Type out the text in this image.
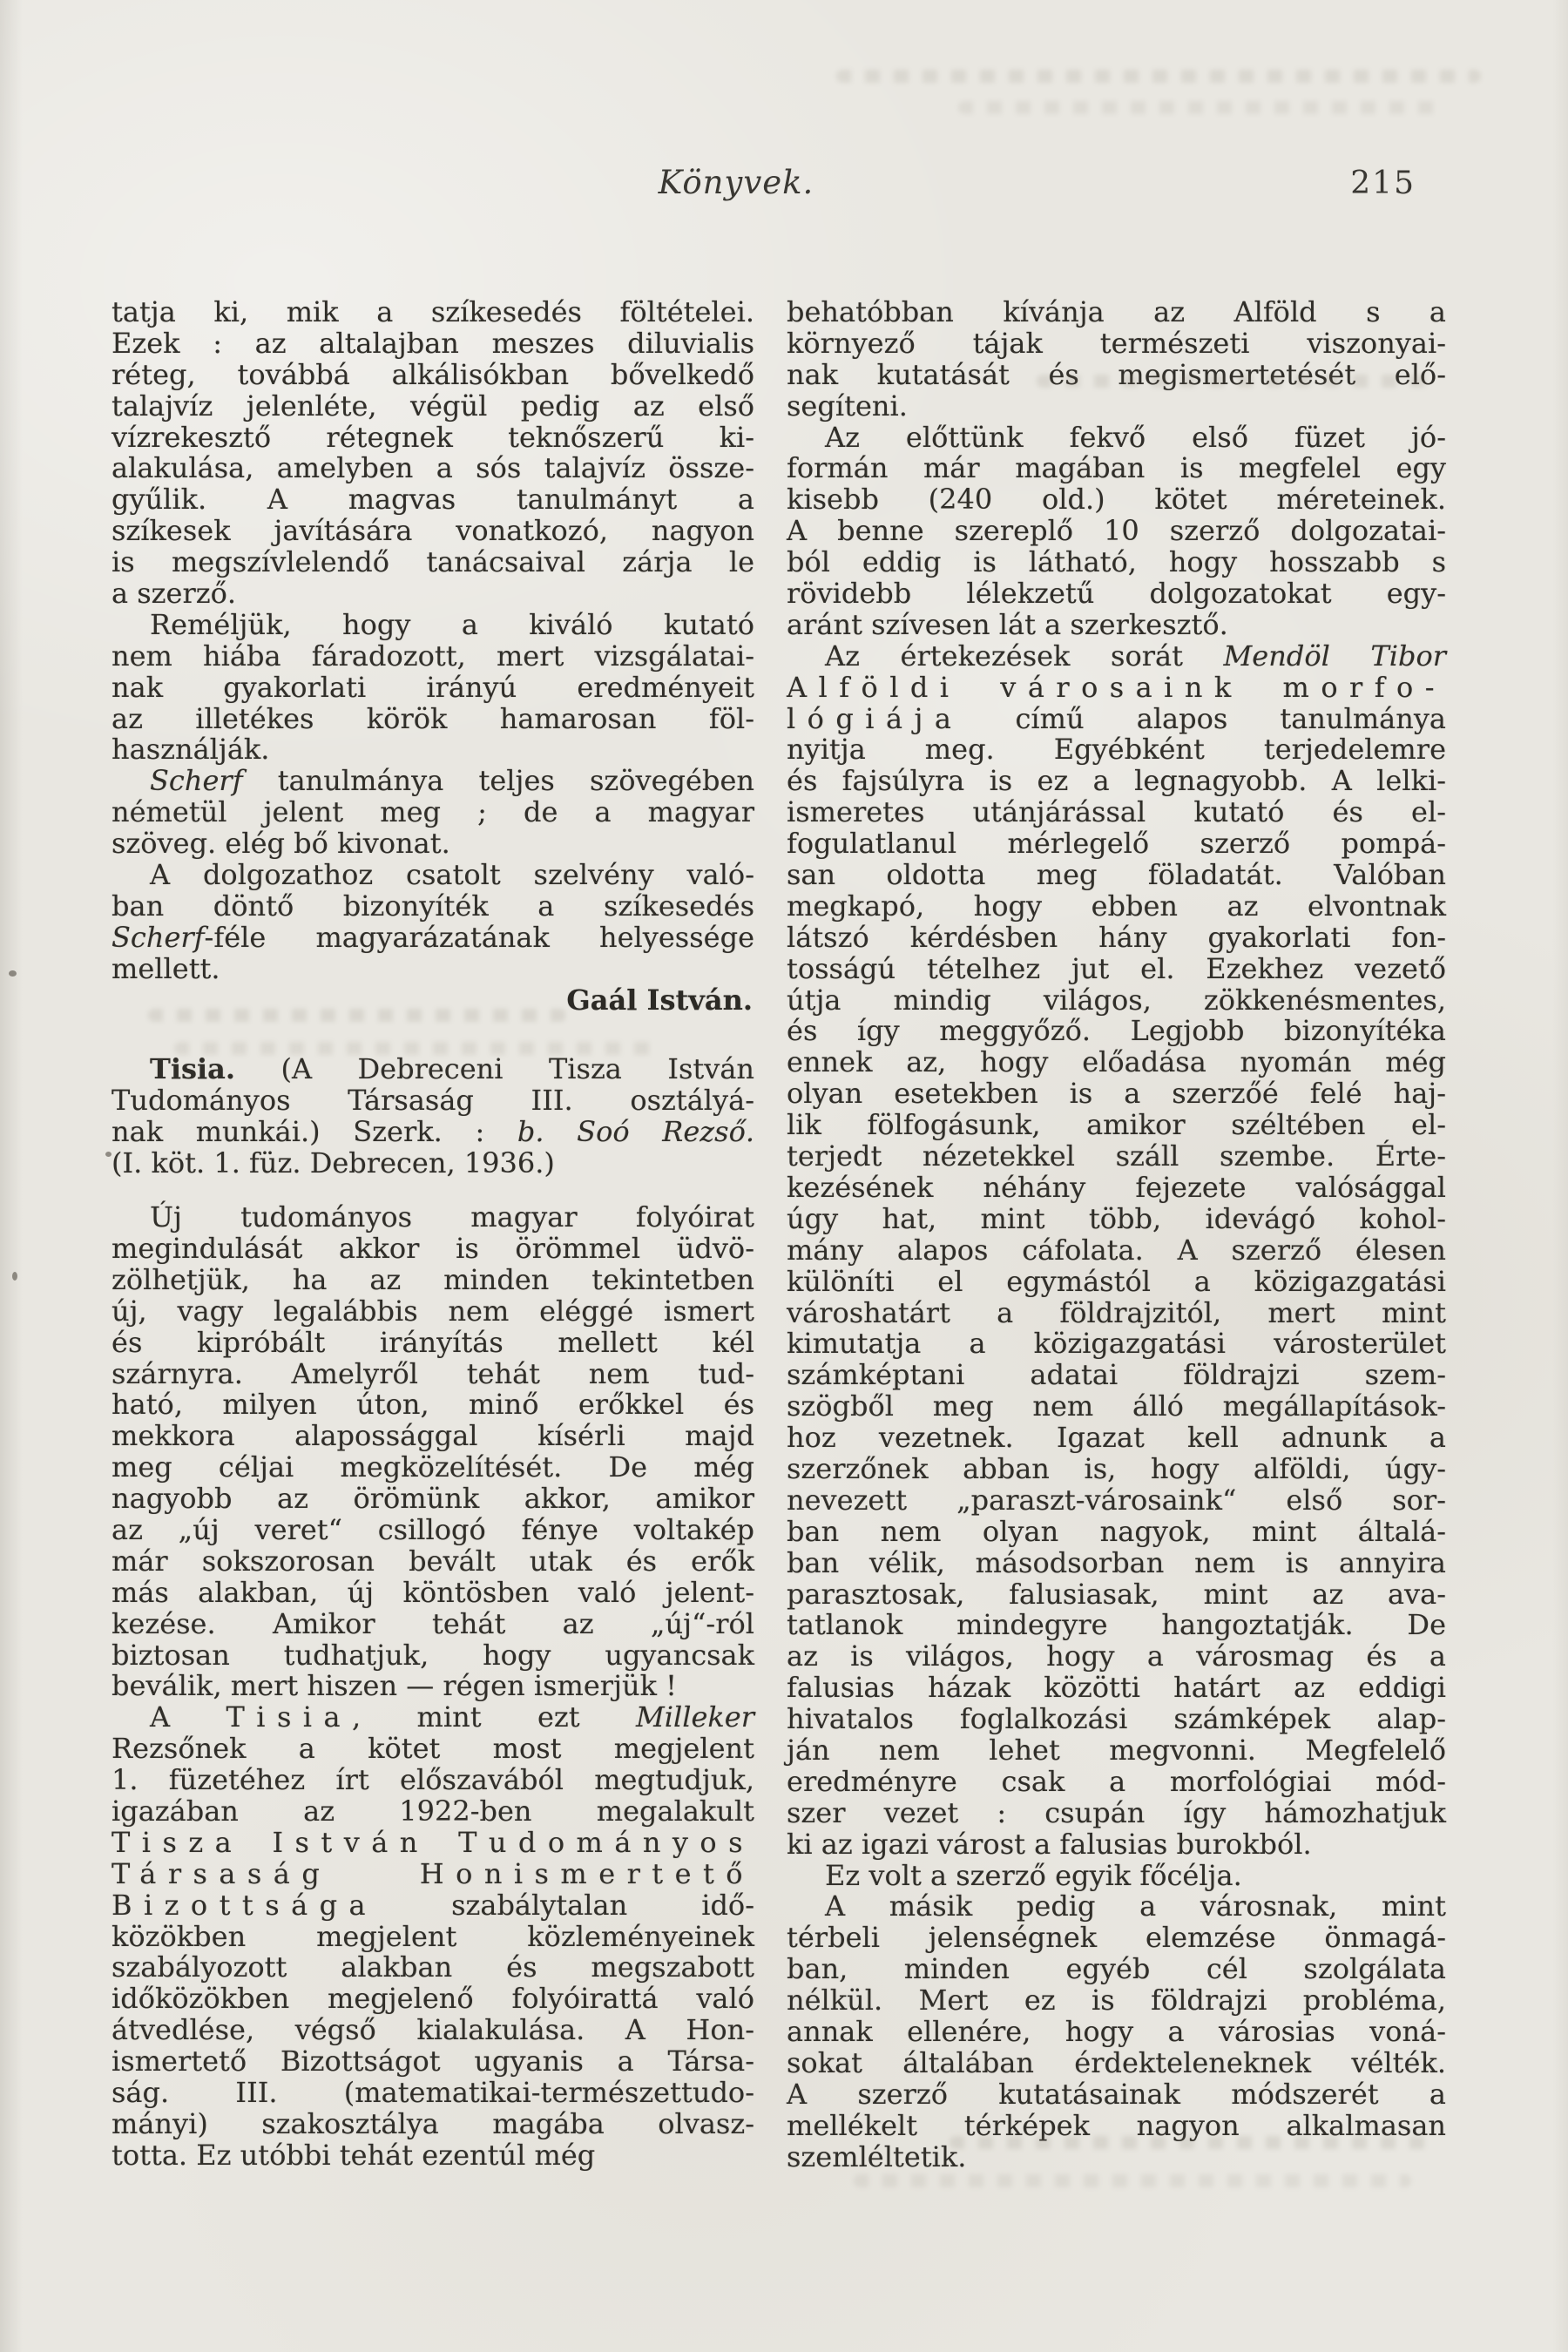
Könyvek.	215
tatja ki, mik a szíkesedés föltételei.
Ezek : az altalajban meszes diluvialis
réteg, továbbá alkálisókban bővelkedő
talajvíz jelenléte, végül pedig az első
vízrekesztő rétegnek teknőszerű ki-
alakulása, amelyben a sós talajvíz össze-
gyűlik. A magvas tanulmányt a
szíkesek javítására vonatkozó, nagyon
is megszívlelendő tanácsaival zárja le
a szerző.
Reméljük, hogy a kiváló kutató
nem hiába fáradozott, mert vizsgálatai-
nak gyakorlati irányú eredményeit
az illetékes körök hamarosan föl-
használják.
Scherf tanulmánya teljes szövegében
németül jelent meg ; de a magyar
szöveg. elég bő kivonat.
A dolgozathoz csatolt szelvény való-
ban döntő bizonyíték a szíkesedés
Scherf-féle magyarázatának helyessége
mellett.
Gaál István.
Tisia. (A Debreceni Tisza István
Tudományos Társaság III. osztályá-
nak munkái.) Szerk. : b. Soó Rezső.
(I. köt. 1. füz. Debrecen, 1936.)
Új tudományos magyar folyóirat
megindulását akkor is örömmel üdvö-
zölhetjük, ha az minden tekintetben
új, vagy legalábbis nem eléggé ismert
és kipróbált irányítás mellett kél
szárnyra. Amelyről tehát nem tud-
ható, milyen úton, minő erőkkel és
mekkora alapossággal kísérli majd
meg céljai megközelítését. De még
nagyobb az örömünk akkor, amikor
az „új veret“ csillogó fénye voltakép
már sokszorosan bevált utak és erők
más alakban, új köntösben való jelent-
kezése. Amikor tehát az „új“-ról
biztosan tudhatjuk, hogy ugyancsak
beválik, mert hiszen — régen ismerjük !
A Tisia, mint ezt Milleker
Rezsőnek a kötet most megjelent
1. füzetéhez írt előszavából megtudjuk,
igazában az 1922-ben megalakult
Tisza István Tudományos
Társaság Honismertető
Bizottsága szabálytalan idő-
közökben megjelent közleményeinek
szabályozott alakban és megszabott
időközökben megjelenő folyóirattá való
átvedlése, végső kialakulása. A Hon-
ismertető Bizottságot ugyanis a Társa-
ság. III. (matematikai-természettudo-
mányi) szakosztálya magába olvasz-
totta. Ez utóbbi tehát ezentúl még
behatóbban kívánja az Alföld s a
környező tájak természeti viszonyai-
nak kutatását és megismertetését elő-
segíteni.
Az előttünk fekvő első füzet jó-
formán már magában is megfelel egy
kisebb (240 old.) kötet méreteinek.
A benne szereplő 10 szerző dolgozatai-
ból eddig is látható, hogy hosszabb s
rövidebb lélekzetű dolgozatokat egy-
aránt szívesen lát a szerkesztő.
Az értekezések sorát Mendöl Tibor
Alföldi városaink morfo-
lógiája című alapos tanulmánya
nyitja meg. Egyébként terjedelemre
és fajsúlyra is ez a legnagyobb. A lelki-
ismeretes utánjárással kutató és el-
fogulatlanul mérlegelő szerző pompá-
san oldotta meg föladatát. Valóban
megkapó, hogy ebben az elvontnak
látszó kérdésben hány gyakorlati fon-
tosságú tételhez jut el. Ezekhez vezető
útja mindig világos, zökkenésmentes,
és így meggyőző. Legjobb bizonyítéka
ennek az, hogy előadása nyomán még
olyan esetekben is a szerzőé felé haj-
lik fölfogásunk, amikor széltében el-
terjedt nézetekkel száll szembe. Érte-
kezésének néhány fejezete valósággal
úgy hat, mint több, idevágó kohol-
mány alapos cáfolata. A szerző élesen
különíti el egymástól a közigazgatási
városhatárt a földrajzitól, mert mint
kimutatja a közigazgatási városterület
számképtani adatai földrajzi szem-
szögből meg nem álló megállapítások-
hoz vezetnek. Igazat kell adnunk a
szerzőnek abban is, hogy alföldi, úgy-
nevezett „paraszt-városaink“ első sor-
ban nem olyan nagyok, mint általá-
ban vélik, másodsorban nem is annyira
parasztosak, falusiasak, mint az ava-
tatlanok mindegyre hangoztatják. De
az is világos, hogy a városmag és a
falusias házak közötti határt az eddigi
hivatalos foglalkozási számképek alap-
ján nem lehet megvonni. Megfelelő
eredményre csak a morfológiai mód-
szer vezet : csupán így hámozhatjuk
ki az igazi várost a falusias burokból.
Ez volt a szerző egyik főcélja.
A másik pedig a városnak, mint
térbeli jelenségnek elemzése önmagá-
ban, minden egyéb cél szolgálata
nélkül. Mert ez is földrajzi probléma,
annak ellenére, hogy a városias voná-
sokat általában érdekteleneknek vélték.
A szerző kutatásainak módszerét a
mellékelt térképek nagyon alkalmasan
szemléltetik.
